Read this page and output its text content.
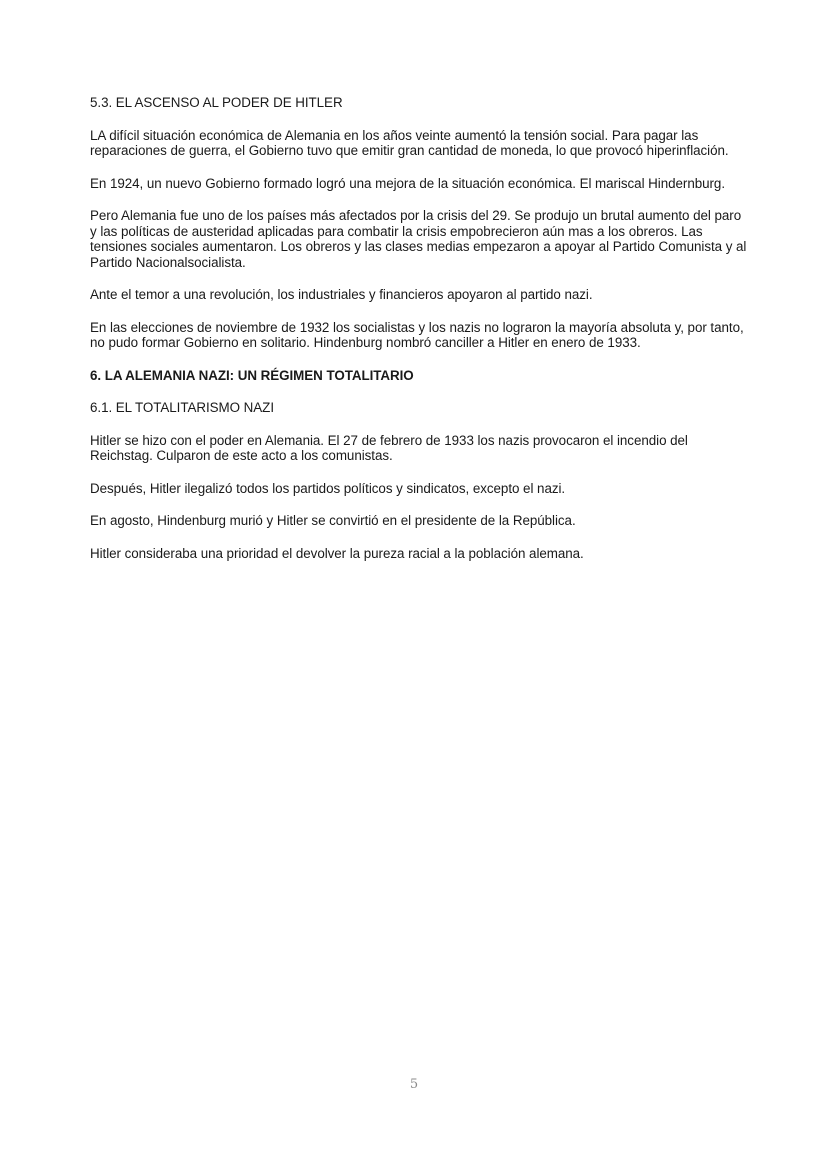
5.3. EL ASCENSO AL PODER DE HITLER

LA difícil situación económica de Alemania en los años veinte aumentó la tensión social. Para pagar las reparaciones de guerra, el Gobierno tuvo que emitir gran cantidad de moneda, lo que provocó hiperinflación.

En 1924, un nuevo Gobierno formado logró una mejora de la situación económica. El mariscal Hindernburg.

Pero Alemania fue uno de los países más afectados por la crisis del 29. Se produjo un brutal aumento del paro y las políticas de austeridad aplicadas para combatir la crisis empobrecieron aún mas a los obreros. Las tensiones sociales aumentaron. Los obreros y las clases medias empezaron a apoyar al Partido Comunista y al Partido Nacionalsocialista.

Ante el temor a una revolución, los industriales y financieros apoyaron al partido nazi.

En las elecciones de noviembre de 1932 los socialistas y los nazis no lograron la mayoría absoluta y, por tanto, no pudo formar Gobierno en solitario. Hindenburg nombró canciller a Hitler en enero de 1933.

6. LA ALEMANIA NAZI: UN RÉGIMEN TOTALITARIO
6.1. EL TOTALITARISMO NAZI

Hitler se hizo con el poder en Alemania. El 27 de febrero de 1933 los nazis provocaron el incendio del Reichstag. Culparon de este acto a los comunistas.

Después, Hitler ilegalizó todos los partidos políticos y sindicatos, excepto el nazi.

En agosto, Hindenburg murió y Hitler se convirtió en el presidente de la República.

Hitler consideraba una prioridad el devolver la pureza racial a la población alemana.

5
